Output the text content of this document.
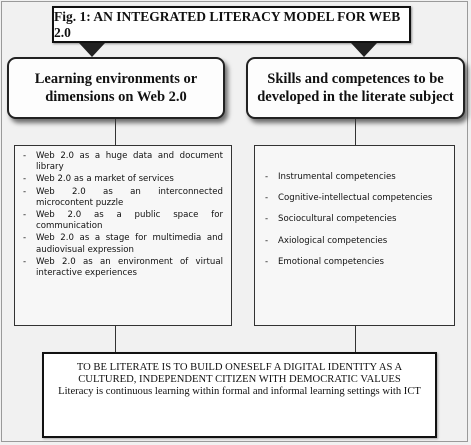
Fig. 1: AN INTEGRATED LITERACY MODEL FOR WEB 2.0
Learning environments or dimensions on Web 2.0
Skills and competences to be developed in the literate subject
- Web 2.0 as a huge data and document library
- Web 2.0 as a market of services
- Web 2.0 as an interconnected microcontent puzzle
- Web 2.0 as a public space for communication
- Web 2.0 as a stage for multimedia and audiovisual expression
- Web 2.0 as an environment of virtual interactive experiences
- Instrumental competencies
- Cognitive-intellectual competencies
- Sociocultural competencies
- Axiological competencies
- Emotional competencies
TO BE LITERATE IS TO BUILD ONESELF A DIGITAL IDENTITY AS A CULTURED, INDEPENDENT CITIZEN WITH DEMOCRATIC VALUES
Literacy is continuous learning within formal and informal learning settings with ICT
